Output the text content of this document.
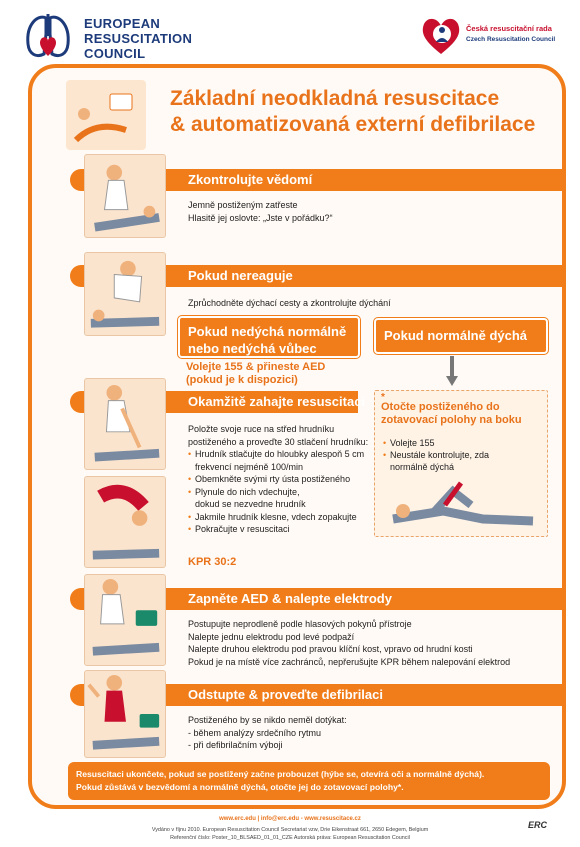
EUROPEAN
RESUSCITATION
COUNCIL
Česká resuscitační rada
Czech Resuscitation Council
Základní neodkladná resuscitace
& automatizovaná externí defibrilace
Zkontrolujte vědomí
Jemně postiženým zatřeste
Hlasitě jej oslovte: „Jste v pořádku?“
Pokud nereaguje
Zprůchodněte dýchací cesty a zkontrolujte dýchání
Pokud nedýchá normálně
nebo nedýchá vůbec
Pokud normálně dýchá
Volejte 155 & přineste AED
(pokud je k dispozici)
Okamžitě zahajte resuscitaci
Položte svoje ruce na střed hrudníku
postiženého a proveďte 30 stlačení hrudníku:
• Hrudník stlačujte do hloubky alespoň 5 cm
frekvencí nejméně 100/min
• Obemkněte svými rty ústa postiženého
• Plynule do nich vdechujte,
dokud se nezvedne hrudník
• Jakmile hrudník klesne, vdech zopakujte
• Pokračujte v resuscitaci
KPR 30:2
*
Otočte postiženého do
zotavovací polohy na boku
• Volejte 155
• Neustále kontrolujte, zda
normálně dýchá
Zapněte AED & nalepte elektrody
Postupujte neprodleně podle hlasových pokynů přístroje
Nalepte jednu elektrodu pod levé podpaží
Nalepte druhou elektrodu pod pravou klíční kost, vpravo od hrudní kosti
Pokud je na místě více zachránců, nepřerušujte KPR během nalepování elektrod
Odstupte & proveďte defibrilaci
Postiženého by se nikdo neměl dotýkat:
- během analýzy srdečního rytmu
- při defibrilačním výboji
Resuscitaci ukončete, pokud se postižený začne probouzet (hýbe se, otevírá oči a normálně dýchá).
Pokud zůstává v bezvědomí a normálně dýchá, otočte jej do zotavovací polohy*.
www.erc.edu | info@erc.edu - www.resuscitace.cz
Vydáno v říjnu 2010. European Resuscitation Council Secretariat vzw, Drie Eikenstraat 661, 2650 Edegem, Belgium
Referenční číslo: Poster_10_BLSAED_01_01_CZE Autorská práva: European Resuscitation Council
ERC
